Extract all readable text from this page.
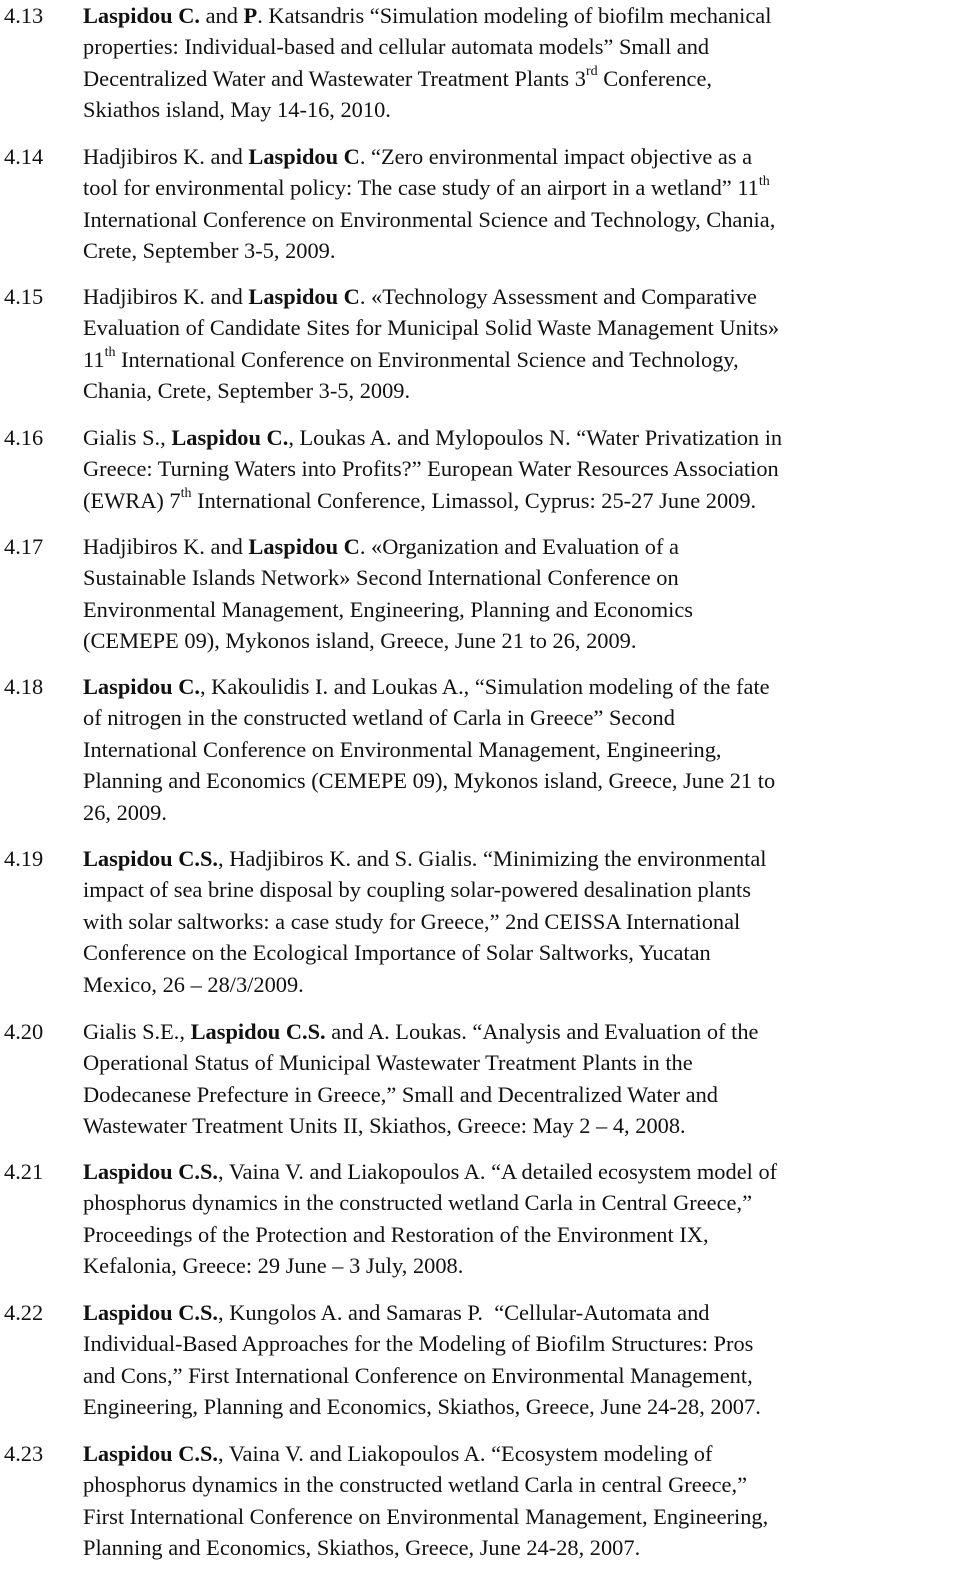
4.13 Laspidou C. and P. Katsandris “Simulation modeling of biofilm mechanical
properties: Individual-based and cellular automata models” Small and
Decentralized Water and Wastewater Treatment Plants 3rd Conference,
Skiathos island, May 14-16, 2010.
4.14 Hadjibiros K. and Laspidou C. “Zero environmental impact objective as a
tool for environmental policy: The case study of an airport in a wetland” 11th
International Conference on Environmental Science and Technology, Chania,
Crete, September 3-5, 2009.
4.15 Hadjibiros K. and Laspidou C. «Technology Assessment and Comparative
Evaluation of Candidate Sites for Municipal Solid Waste Management Units»
11th International Conference on Environmental Science and Technology,
Chania, Crete, September 3-5, 2009.
4.16 Gialis S., Laspidou C., Loukas A. and Mylopoulos N. “Water Privatization in
Greece: Turning Waters into Profits?” European Water Resources Association
(EWRA) 7th International Conference, Limassol, Cyprus: 25-27 June 2009.
4.17 Hadjibiros K. and Laspidou C. «Organization and Evaluation of a
Sustainable Islands Network» Second International Conference on
Environmental Management, Engineering, Planning and Economics
(CEMEPE 09), Mykonos island, Greece, June 21 to 26, 2009.
4.18 Laspidou C., Kakoulidis I. and Loukas A., “Simulation modeling of the fate
of nitrogen in the constructed wetland of Carla in Greece” Second
International Conference on Environmental Management, Engineering,
Planning and Economics (CEMEPE 09), Mykonos island, Greece, June 21 to
26, 2009.
4.19 Laspidou C.S., Hadjibiros K. and S. Gialis. “Minimizing the environmental
impact of sea brine disposal by coupling solar-powered desalination plants
with solar saltworks: a case study for Greece,” 2nd CEISSA International
Conference on the Ecological Importance of Solar Saltworks, Yucatan
Mexico, 26 – 28/3/2009.
4.20 Gialis S.E., Laspidou C.S. and A. Loukas. “Analysis and Evaluation of the
Operational Status of Municipal Wastewater Treatment Plants in the
Dodecanese Prefecture in Greece,” Small and Decentralized Water and
Wastewater Treatment Units II, Skiathos, Greece: May 2 – 4, 2008.
4.21 Laspidou C.S., Vaina V. and Liakopoulos A. “A detailed ecosystem model of
phosphorus dynamics in the constructed wetland Carla in Central Greece,”
Proceedings of the Protection and Restoration of the Environment IX,
Kefalonia, Greece: 29 June – 3 July, 2008.
4.22 Laspidou C.S., Kungolos A. and Samaras P.  “Cellular-Automata and
Individual-Based Approaches for the Modeling of Biofilm Structures: Pros
and Cons,” First International Conference on Environmental Management,
Engineering, Planning and Economics, Skiathos, Greece, June 24-28, 2007.
4.23 Laspidou C.S., Vaina V. and Liakopoulos A. “Ecosystem modeling of
phosphorus dynamics in the constructed wetland Carla in central Greece,”
First International Conference on Environmental Management, Engineering,
Planning and Economics, Skiathos, Greece, June 24-28, 2007.
